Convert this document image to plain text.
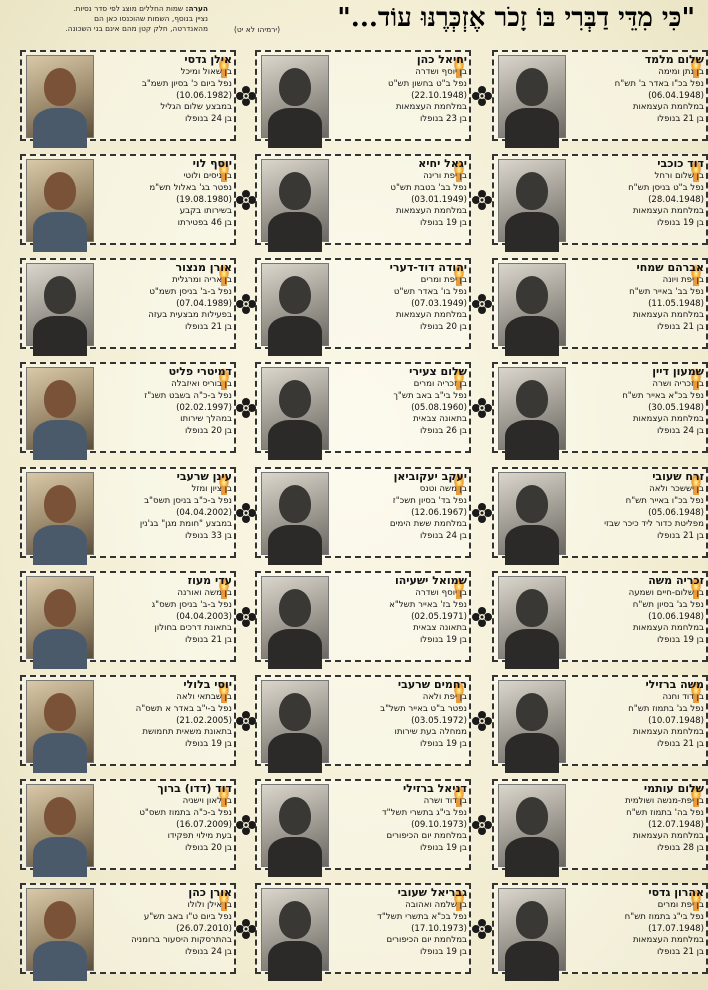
הערה: שמות החללים מוצג לפי סדר נסיות.
נציין בנוסף, השמות שהוכנסו כאן הם
מהאנדרטה, חלק קטן מהם אינם בני השכונה.	(ירמיהו לא יט)	"כִּי מִדֵּי דַבְּרִי בּוֹ זָכֹר אֶזְכְּרֶנּוּ עוֹד..."
שלום מלמד
בן נתן ומימה
נפל בכ"ו באדר ב' תש"ח
(06.04.1948)
במלחמת העצמאות
בן 21 בנופלו
יחיאל כהן
בן יוסף ושדרה
נפל ב"ט בחשון תש"ט
(22.10.1948)
במלחמת העצמאות
בן 23 בנופלו
אילן גדסי
בן שאול ומיכל
נפל ביום כ' בסיון תשמ"ב
(10.06.1982)
במבצע שלום הגליל
בן 24 בנופלו
דוד כוכבי
בן שלום ורחל
נפל ב"ט בניסן תש"ח
(28.04.1948)
במלחמת העצמאות
בן 19 בנופלו
יגאל יחיא
בן יפת ורינה
נפל בב' בטבת תש"ט
(03.01.1949)
במלחמת העצמאות
בן 19 בנופלו
יוסף לוי
בן ניסים ולוטי
נפטר בג' באלול תש"מ
(19.08.1980)
בשירותו בקבע
בן 46 בפטירתו
אברהם שמחי
בן יפת ויונה
נפל בב' באייר תש"ח
(11.05.1948)
במלחמת העצמאות
בן 21 בנופלו
יהודה דוד-דערי
בן יפת ומרים
נפל בו' באדר תש"ט
(07.03.1949)
במלחמת העצמאות
בן 20 בנופלו
אורן מנצור
בן אריה ומרגלית
נפל ב-ב' בניסן תשמ"ט
(07.04.1989)
בפעילות מבצעית בעזה
בן 21 בנופלו
שמעון דיין
בן זכריה ושרה
נפל בכ"א באייר תש"ח
(30.05.1948)
במלחמת העצמאות
בן 24 בנופלו
שלום צעירי
בן זכריה ומרים
נפל בי"ב באב תש"ך
(05.08.1960)
בתאונה צבאית
בן 26 בנופלו
דמיטרי פליט
בן בוריס ואיזבלה
נפל ב-כ"ה בשבט תשנ"ז
(02.02.1997)
במהלך שירותו
בן 20 בנופלו
זרח שעובי
בן יששכר ולאה
נפל בכ"ו באייר תש"ח
(05.06.1948)
מפליטת כדור ליד כיכר שבזי
בן 21 בנופלו
יעקב יעקוביאן
בן משה וטנס
נפל בד' בסיון תשכ"ז
(12.06.1967)
במלחמת ששת הימים
בן 24 בנופלו
עינן שרעבי
בן ציון ומזל
נפל ב-כ"ב בניסן תשס"ב
(04.04.2002)
במבצע "חומת מגן" בג'נין
בן 33 בנופלו
זכריה משה
בן שלום-חיים ושמעה
נפל בג' בסיון תש"ח
(10.06.1948)
במלחמת העצמאות
בן 19 בנופלו
שמואל ישעיהו
בן יוסף ושדרה
נפל בז' באייר תשל"א
(02.05.1971)
בתאונה צבאית
בן 19 בנופלו
עדי מעוז
בן משה ואורנה
נפל ב-ב' בניסן תשס"ג
(04.04.2003)
בתאונת דרכים בחולון
בן 21 בנופלו
משה ברזילי
בן דוד וחנה
נפל בג' בתמוז תש"ח
(10.07.1948)
במלחמת העצמאות
בן 21 בנופלו
רחמים שרעבי
בן יפת ולאה
נפטר ב"ט באייר תשל"ב
(03.05.1972)
ממחלה בעת שירותו
בן 19 בנופלו
יוסי בלולי
בן שבתאי ולאה
נפל ב-י"ב באדר א תשס"ה
(21.02.2005)
בתאונת משאית תחמושת
בן 19 בנופלו
שלום עותמי
בן יפת-מנשה ושולמית
נפל בה' בתמוז תש"ח
(12.07.1948)
במלחמת העצמאות
בן 28 בנופלו
דניאל ברזילי
בן דוד ושרה
נפל בי"ג בתשרי תשל"ד
(09.10.1973)
במלחמת יום הכיפורים
בן 19 בנופלו
דוד (דדו) ברוך
בן לאון וישניה
נפל ב-כ"ה בתמוז תשס"ט
(16.07.2009)
בעת מילוי תפקידו
בן 20 בנופלו
אהרון גדסי
בן יפת ומרים
נפל בי"ג בתמוז תש"ח
(17.07.1948)
במלחמת העצמאות
בן 21 בנופלו
גבריאל שעובי
בן שלמה ואהובה
נפל בכ"א בתשרי תשל"ד
(17.10.1973)
במלחמת יום הכיפורים
בן 19 בנופלו
אורן כהן
בן אילן ולולו
נפל ביום ט"ו באב תש"ע
(26.07.2010)
בהתרסקות היסעור ברומניה
בן 24 בנופלו
